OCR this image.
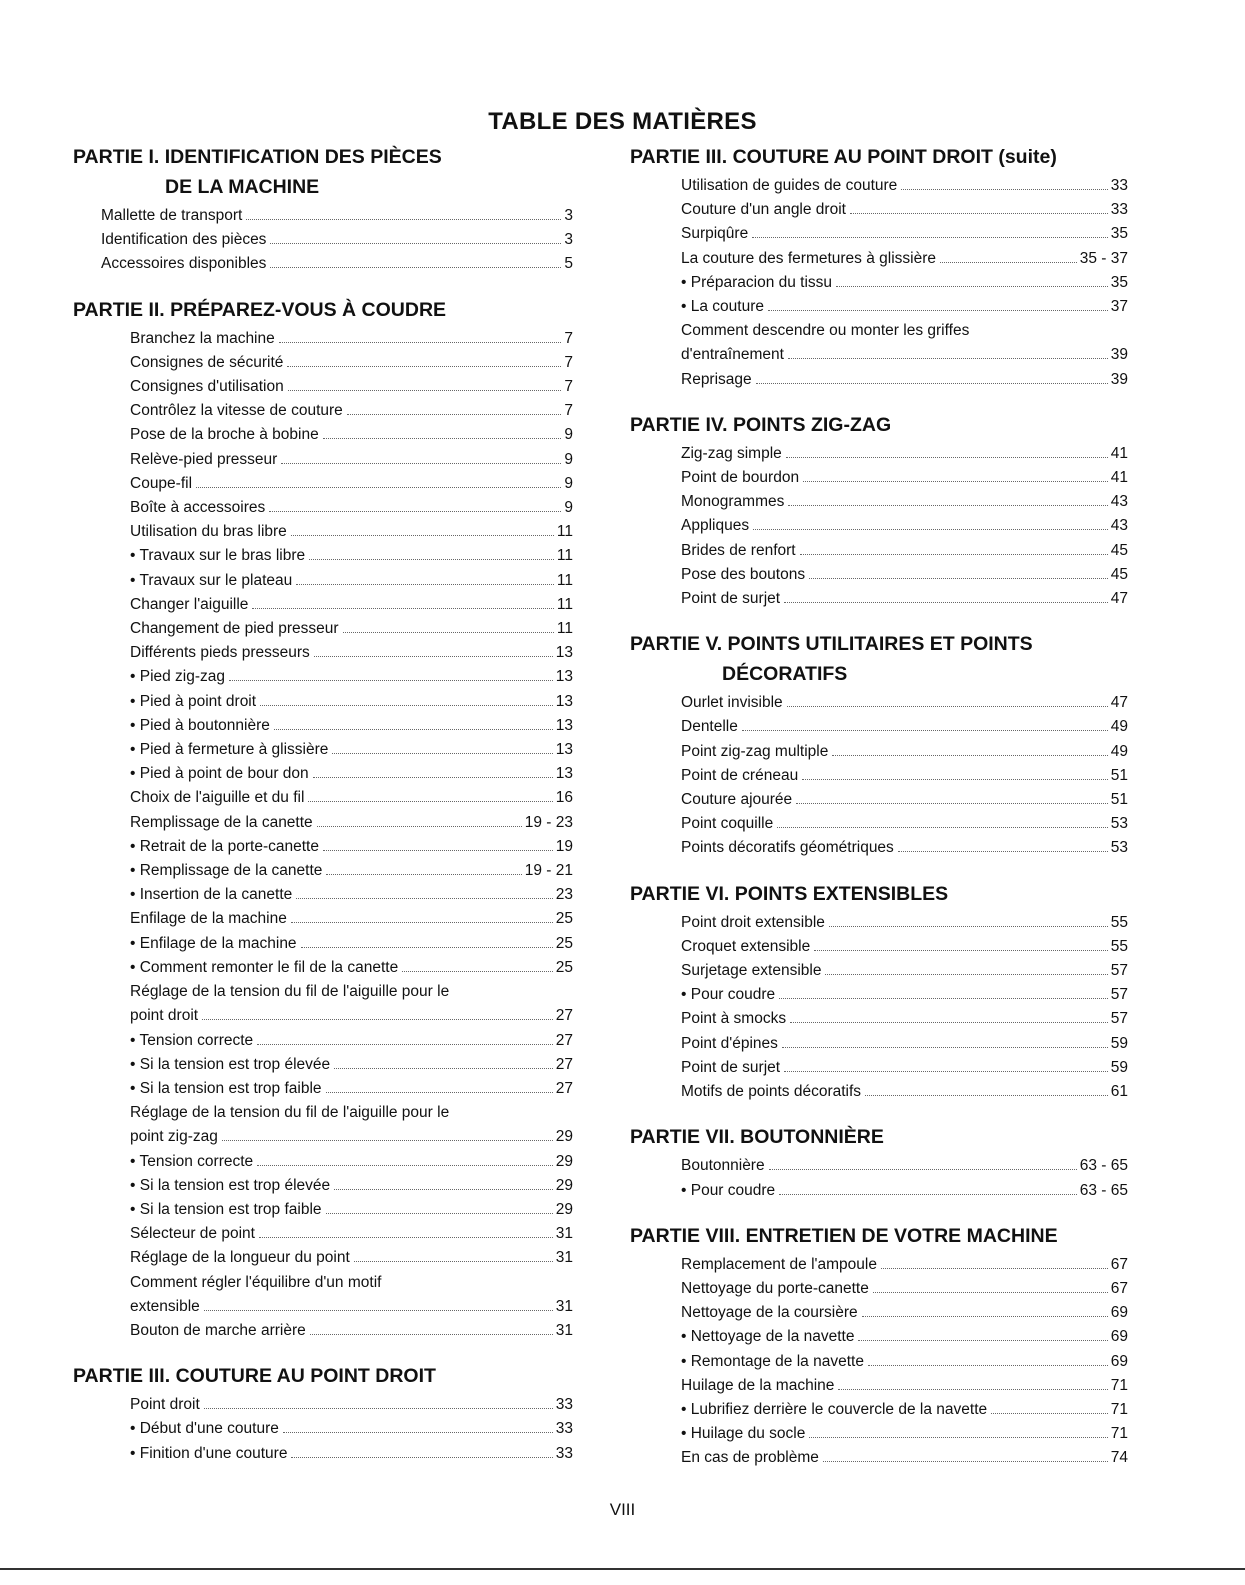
TABLE DES MATIÈRES
PARTIE I. IDENTIFICATION DES PIÈCES
DE LA MACHINE
Mallette de transport	3
Identification des pièces	3
Accessoires disponibles	5
PARTIE II. PRÉPAREZ-VOUS À COUDRE
Branchez la machine	7
Consignes de sécurité	7
Consignes d'utilisation	7
Contrôlez la vitesse de couture	7
Pose de la broche à bobine	9
Relève-pied presseur	9
Coupe-fil	9
Boîte à accessoires	9
Utilisation du bras libre	11
• Travaux sur le bras libre	11
• Travaux sur le plateau	11
Changer l'aiguille	11
Changement de pied presseur	11
Différents pieds presseurs	13
• Pied zig-zag	13
• Pied à point droit	13
• Pied à boutonnière	13
• Pied à fermeture à glissière	13
• Pied à point de bour don	13
Choix de l'aiguille et du fil	16
Remplissage de la canette	19 - 23
• Retrait de la porte-canette	19
• Remplissage de la canette	19 - 21
• Insertion de la canette	23
Enfilage de la machine	25
• Enfilage de la machine	25
• Comment remonter le fil de la canette	25
Réglage de la tension du fil de l'aiguille pour le
point droit	27
• Tension correcte	27
• Si la tension est trop élevée	27
• Si la tension est trop faible	27
Réglage de la tension du fil de l'aiguille pour le
point zig-zag	29
• Tension correcte	29
• Si la tension est trop élevée	29
• Si la tension est trop faible	29
Sélecteur de point	31
Réglage de la longueur du point	31
Comment régler l'équilibre d'un motif
extensible	31
Bouton de marche arrière	31
PARTIE III. COUTURE AU POINT DROIT
Point droit	33
• Début d'une couture	33
• Finition d'une couture	33
PARTIE III. COUTURE AU POINT DROIT (suite)
Utilisation de guides de couture	33
Couture d'un angle droit	33
Surpiqûre	35
La couture des fermetures à glissière	35 - 37
• Préparacion du tissu	35
• La couture	37
Comment descendre ou monter les griffes
d'entraînement	39
Reprisage	39
PARTIE IV. POINTS ZIG-ZAG
Zig-zag simple	41
Point de bourdon	41
Monogrammes	43
Appliques	43
Brides de renfort	45
Pose des boutons	45
Point de surjet	47
PARTIE V. POINTS UTILITAIRES ET POINTS
DÉCORATIFS
Ourlet invisible	47
Dentelle	49
Point zig-zag multiple	49
Point de créneau	51
Couture ajourée	51
Point coquille	53
Points décoratifs géométriques	53
PARTIE VI. POINTS EXTENSIBLES
Point droit extensible	55
Croquet extensible	55
Surjetage extensible	57
• Pour coudre	57
Point à smocks	57
Point d'épines	59
Point de surjet	59
Motifs de points décoratifs	61
PARTIE VII. BOUTONNIÈRE
Boutonnière	63 - 65
• Pour coudre	63 - 65
PARTIE VIII. ENTRETIEN DE VOTRE MACHINE
Remplacement de l'ampoule	67
Nettoyage du porte-canette	67
Nettoyage de la coursière	69
• Nettoyage de la navette	69
• Remontage de la navette	69
Huilage de la machine	71
• Lubrifiez derrière le couvercle de la navette	71
• Huilage du socle	71
En cas de problème	74
VIII
